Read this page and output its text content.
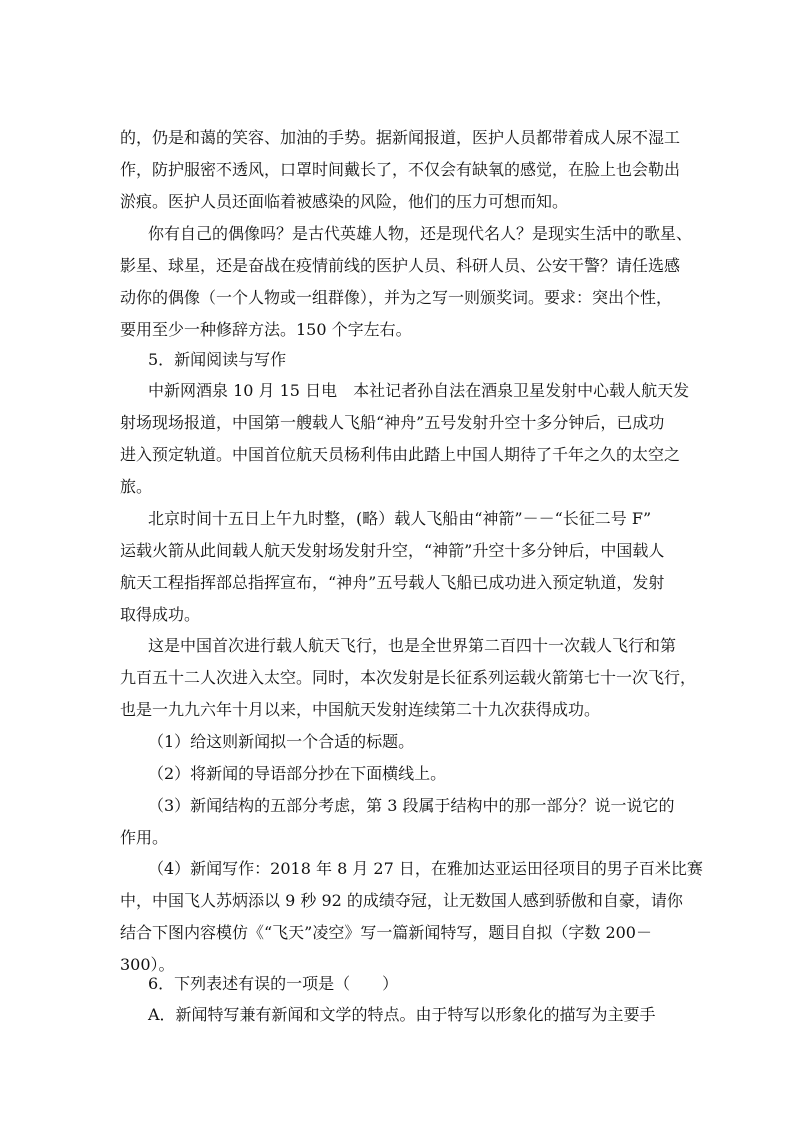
的，仍是和蔼的笑容、加油的手势。据新闻报道，医护人员都带着成人尿不湿工
作，防护服密不透风，口罩时间戴长了，不仅会有缺氧的感觉，在脸上也会勒出
淤痕。医护人员还面临着被感染的风险，他们的压力可想而知。
你有自己的偶像吗？是古代英雄人物，还是现代名人？是现实生活中的歌星、
影星、球星，还是奋战在疫情前线的医护人员、科研人员、公安干警？请任选感
动你的偶像（一个人物或一组群像），并为之写一则颁奖词。要求：突出个性，
要用至少一种修辞方法。150 个字左右。
5．新闻阅读与写作
中新网酒泉 10 月 15 日电　本社记者孙自法在酒泉卫星发射中心载人航天发
射场现场报道，中国第一艘载人飞船“神舟”五号发射升空十多分钟后，已成功
进入预定轨道。中国首位航天员杨利伟由此踏上中国人期待了千年之久的太空之
旅。
北京时间十五日上午九时整，(略）载人飞船由“神箭”－－“长征二号 F”
运载火箭从此间载人航天发射场发射升空，“神箭”升空十多分钟后，中国载人
航天工程指挥部总指挥宣布，“神舟”五号载人飞船已成功进入预定轨道，发射
取得成功。
这是中国首次进行载人航天飞行，也是全世界第二百四十一次载人飞行和第
九百五十二人次进入太空。同时，本次发射是长征系列运载火箭第七十一次飞行，
也是一九九六年十月以来，中国航天发射连续第二十九次获得成功。
（1）给这则新闻拟一个合适的标题。
（2）将新闻的导语部分抄在下面横线上。
（3）新闻结构的五部分考虑，第 3 段属于结构中的那一部分？说一说它的
作用。
（4）新闻写作：2018 年 8 月 27 日，在雅加达亚运田径项目的男子百米比赛
中，中国飞人苏炳添以 9 秒 92 的成绩夺冠，让无数国人感到骄傲和自豪，请你
结合下图内容模仿《“飞天”凌空》写一篇新闻特写，题目自拟（字数 200－
300）。
6．下列表述有误的一项是（　　）
A．新闻特写兼有新闻和文学的特点。由于特写以形象化的描写为主要手
